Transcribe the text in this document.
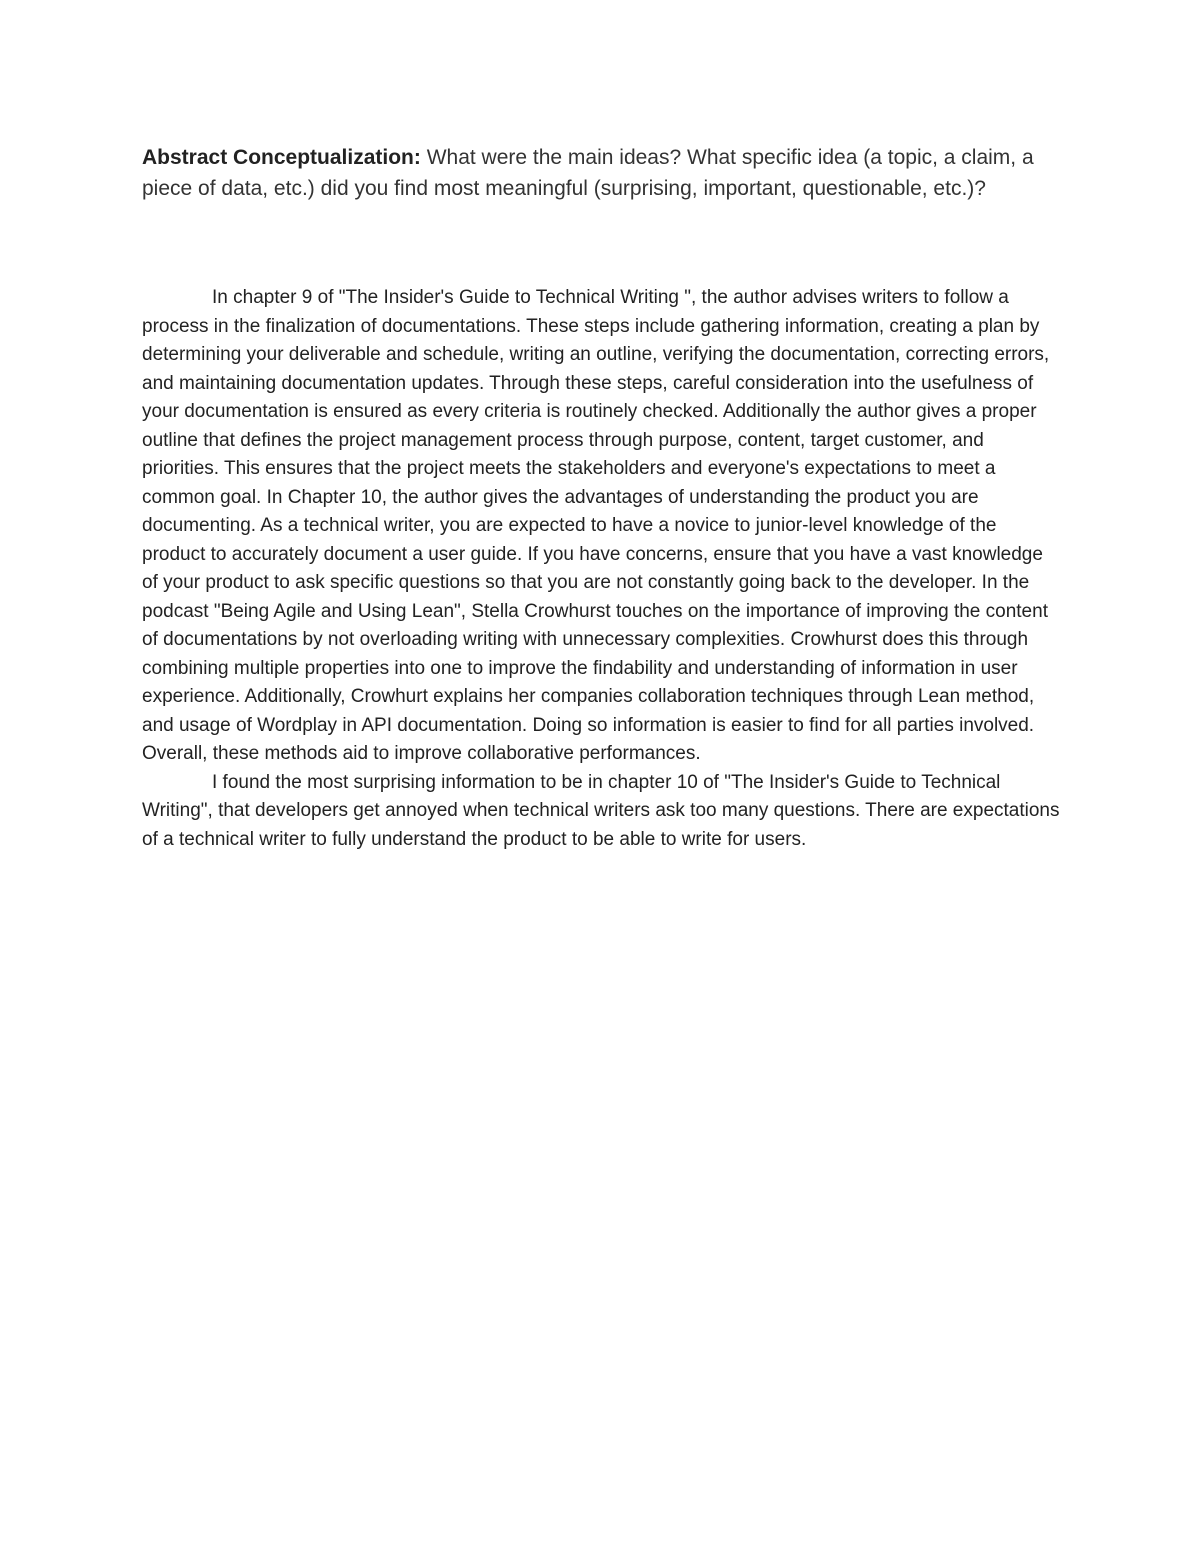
Abstract Conceptualization: What were the main ideas? What specific idea (a topic, a claim, a piece of data, etc.) did you find most meaningful (surprising, important, questionable, etc.)?

In chapter 9 of "The Insider's Guide to Technical Writing ", the author advises writers to follow a process in the finalization of documentations. These steps include gathering information, creating a plan by determining your deliverable and schedule, writing an outline, verifying the documentation, correcting errors, and maintaining documentation updates. Through these steps, careful consideration into the usefulness of your documentation is ensured as every criteria is routinely checked. Additionally the author gives a proper outline that defines the project management process through purpose, content, target customer, and priorities. This ensures that the project meets the stakeholders and everyone's expectations to meet a common goal. In Chapter 10, the author gives the advantages of understanding the product you are documenting. As a technical writer, you are expected to have a novice to junior-level knowledge of the product to accurately document a user guide. If you have concerns, ensure that you have a vast knowledge of your product to ask specific questions so that you are not constantly going back to the developer. In the podcast "Being Agile and Using Lean", Stella Crowhurst touches on the importance of improving the content of documentations by not overloading writing with unnecessary complexities. Crowhurst does this through combining multiple properties into one to improve the findability and understanding of information in user experience. Additionally, Crowhurt explains her companies collaboration techniques through Lean method, and usage of Wordplay in API documentation. Doing so information is easier to find for all parties involved. Overall, these methods aid to improve collaborative performances.

I found the most surprising information to be in chapter 10 of "The Insider's Guide to Technical Writing", that developers get annoyed when technical writers ask too many questions. There are expectations of a technical writer to fully understand the product to be able to write for users.
